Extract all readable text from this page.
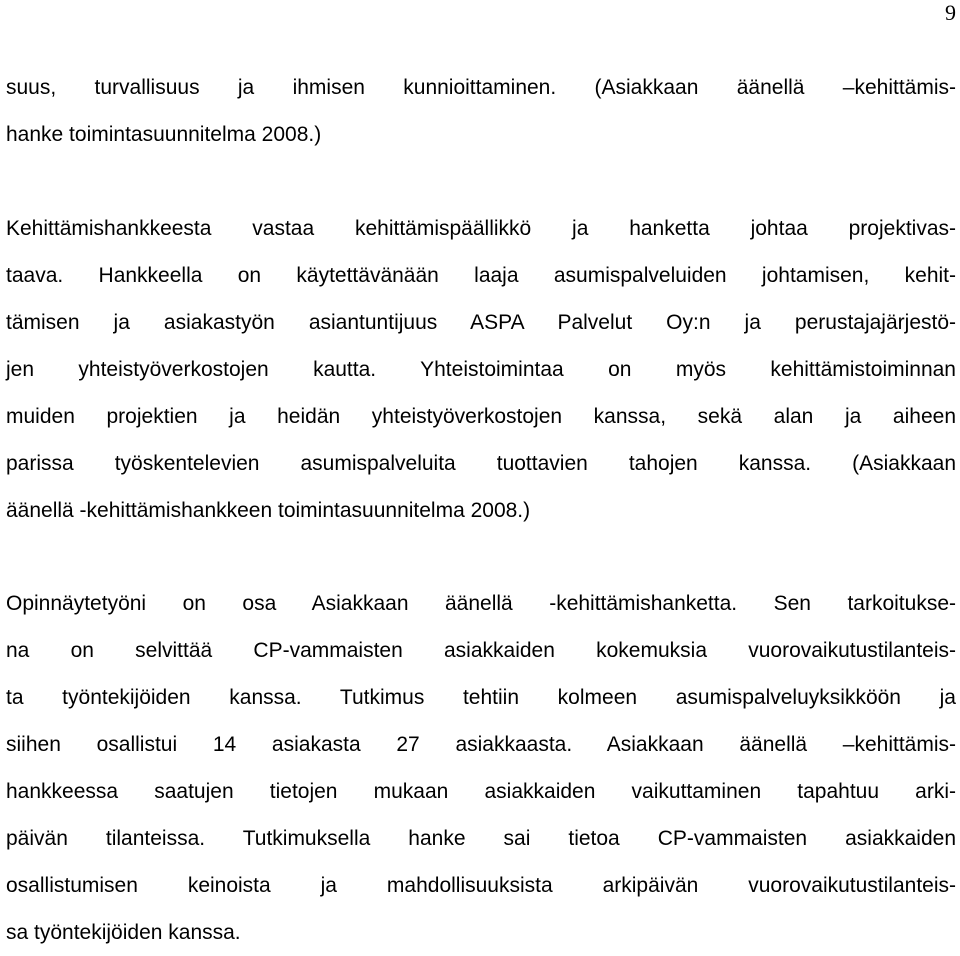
9
suus, turvallisuus ja ihmisen kunnioittaminen. (Asiakkaan äänellä –kehittämis-
hanke toimintasuunnitelma 2008.)
Kehittämishankkeesta vastaa kehittämispäällikkö ja hanketta johtaa projektivas-
taava. Hankkeella on käytettävänään laaja asumispalveluiden johtamisen, kehit-
tämisen ja asiakastyön asiantuntijuus ASPA Palvelut Oy:n ja perustajajärjestö-
jen yhteistyöverkostojen kautta. Yhteistoimintaa on myös kehittämistoiminnan
muiden projektien ja heidän yhteistyöverkostojen kanssa, sekä alan ja aiheen
parissa työskentelevien asumispalveluita tuottavien tahojen kanssa. (Asiakkaan
äänellä -kehittämishankkeen toimintasuunnitelma 2008.)
Opinnäytetyöni on osa Asiakkaan äänellä -kehittämishanketta. Sen tarkoitukse-
na on selvittää CP-vammaisten asiakkaiden kokemuksia vuorovaikutustilanteis-
ta työntekijöiden kanssa. Tutkimus tehtiin kolmeen asumispalveluyksikköön ja
siihen osallistui 14 asiakasta 27 asiakkaasta. Asiakkaan äänellä –kehittämis-
hankkeessa saatujen tietojen mukaan asiakkaiden vaikuttaminen tapahtuu arki-
päivän tilanteissa. Tutkimuksella hanke sai tietoa CP-vammaisten asiakkaiden
osallistumisen keinoista ja mahdollisuuksista arkipäivän vuorovaikutustilanteis-
sa työntekijöiden kanssa.
